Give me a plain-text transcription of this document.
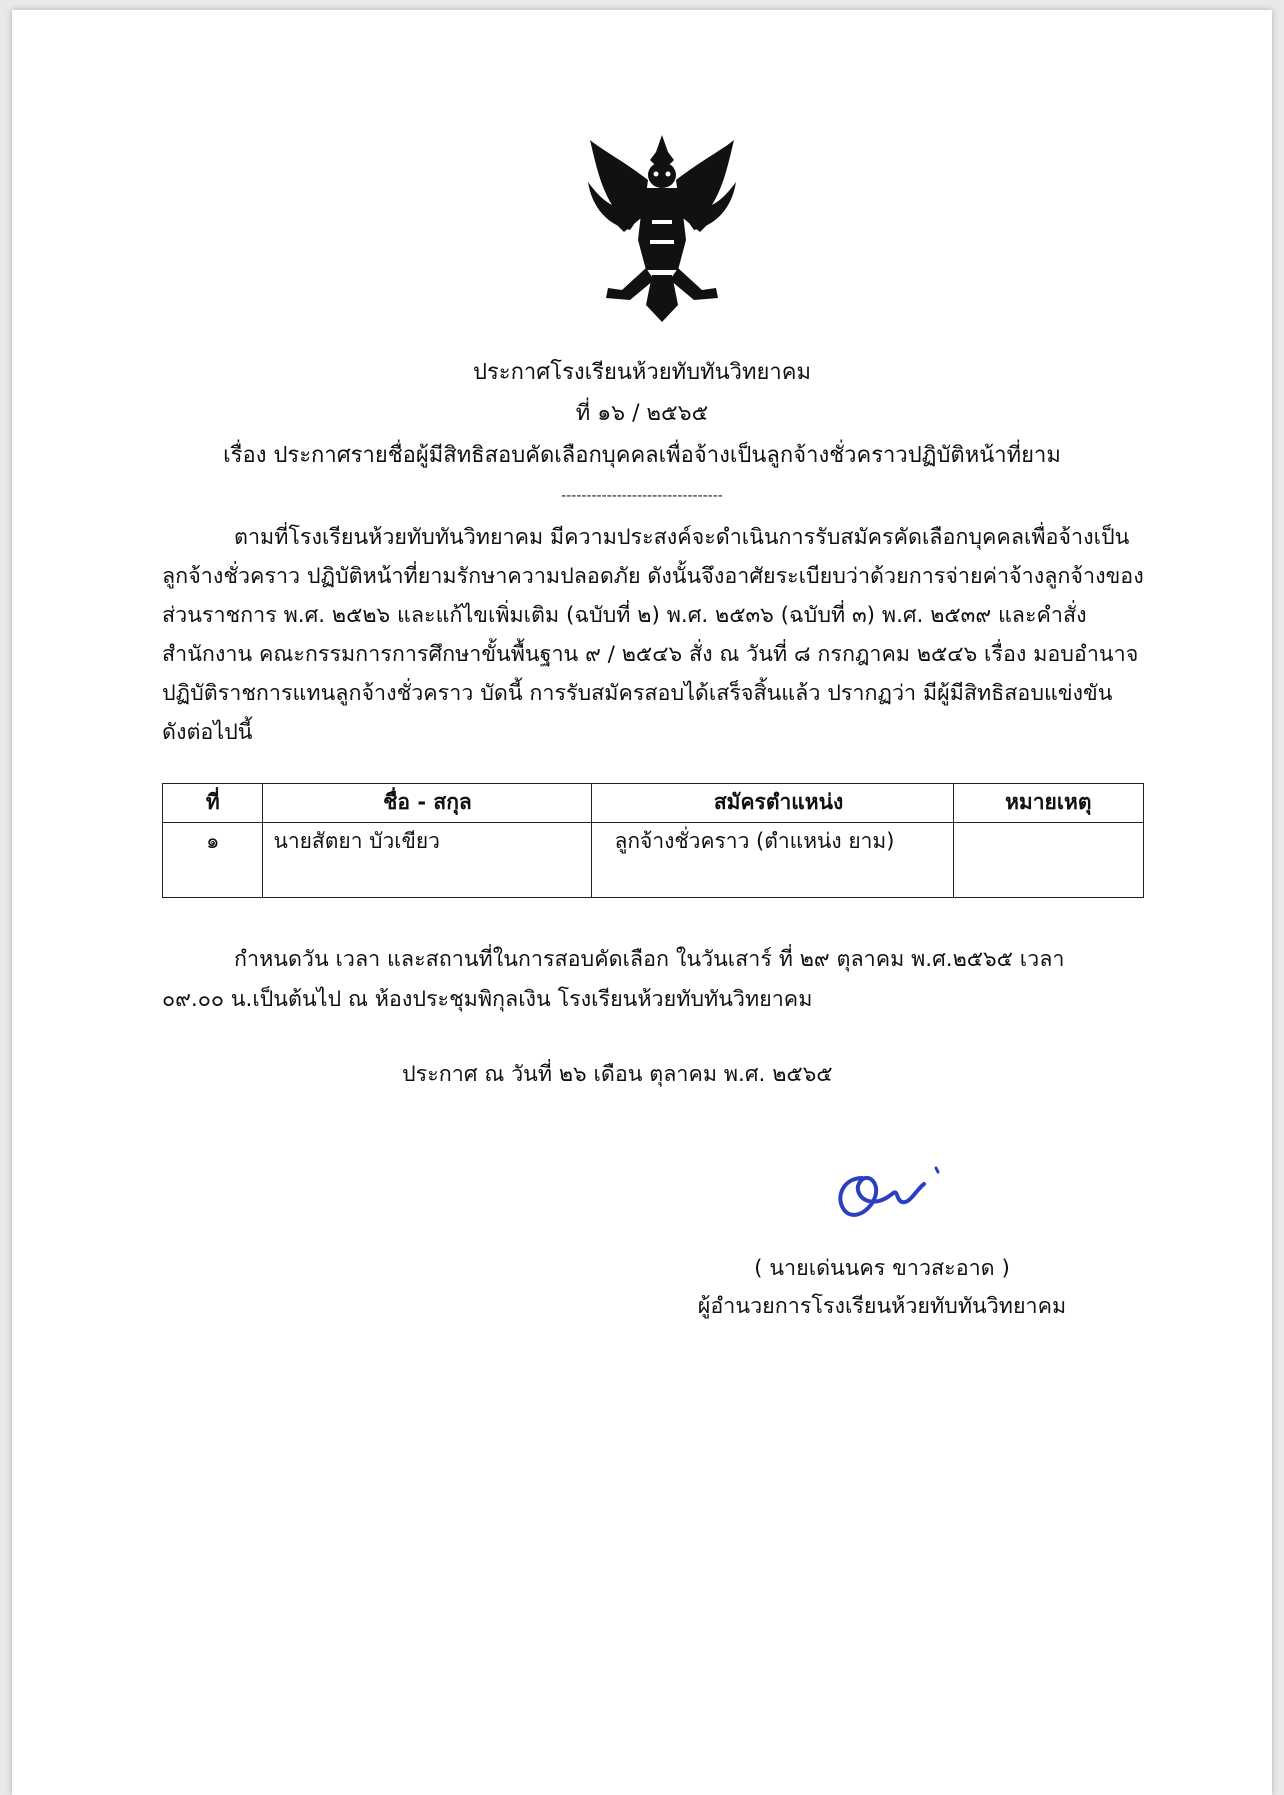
ประกาศโรงเรียนห้วยทับทันวิทยาคม
ที่ ๑๖ / ๒๕๖๕
เรื่อง ประกาศรายชื่อผู้มีสิทธิสอบคัดเลือกบุคคลเพื่อจ้างเป็นลูกจ้างชั่วคราวปฏิบัติหน้าที่ยาม
--------------------------------
ตามที่โรงเรียนห้วยทับทันวิทยาคม มีความประสงค์จะดำเนินการรับสมัครคัดเลือกบุคคลเพื่อจ้างเป็น
ลูกจ้างชั่วคราว ปฏิบัติหน้าที่ยามรักษาความปลอดภัย ดังนั้นจึงอาศัยระเบียบว่าด้วยการจ่ายค่าจ้างลูกจ้างของ
ส่วนราชการ พ.ศ. ๒๕๒๖ และแก้ไขเพิ่มเติม (ฉบับที่ ๒) พ.ศ. ๒๕๓๖ (ฉบับที่ ๓) พ.ศ. ๒๕๓๙ และคำสั่ง
สำนักงาน คณะกรรมการการศึกษาขั้นพื้นฐาน ๙ / ๒๕๔๖ สั่ง ณ วันที่ ๘ กรกฎาคม ๒๕๔๖ เรื่อง มอบอำนาจ
ปฏิบัติราชการแทนลูกจ้างชั่วคราว บัดนี้ การรับสมัครสอบได้เสร็จสิ้นแล้ว ปรากฏว่า มีผู้มีสิทธิสอบแข่งขัน
ดังต่อไปนี้
ที่	ชื่อ - สกุล	สมัครตำแหน่ง	หมายเหตุ
๑	นายสัตยา บัวเขียว	ลูกจ้างชั่วคราว (ตำแหน่ง ยาม)	
กำหนดวัน เวลา และสถานที่ในการสอบคัดเลือก ในวันเสาร์ ที่ ๒๙ ตุลาคม พ.ศ.๒๕๖๕ เวลา
๐๙.๐๐ น.เป็นต้นไป ณ ห้องประชุมพิกุลเงิน โรงเรียนห้วยทับทันวิทยาคม
ประกาศ ณ วันที่ ๒๖ เดือน ตุลาคม พ.ศ. ๒๕๖๕
( นายเด่นนคร ขาวสะอาด )
ผู้อำนวยการโรงเรียนห้วยทับทันวิทยาคม
